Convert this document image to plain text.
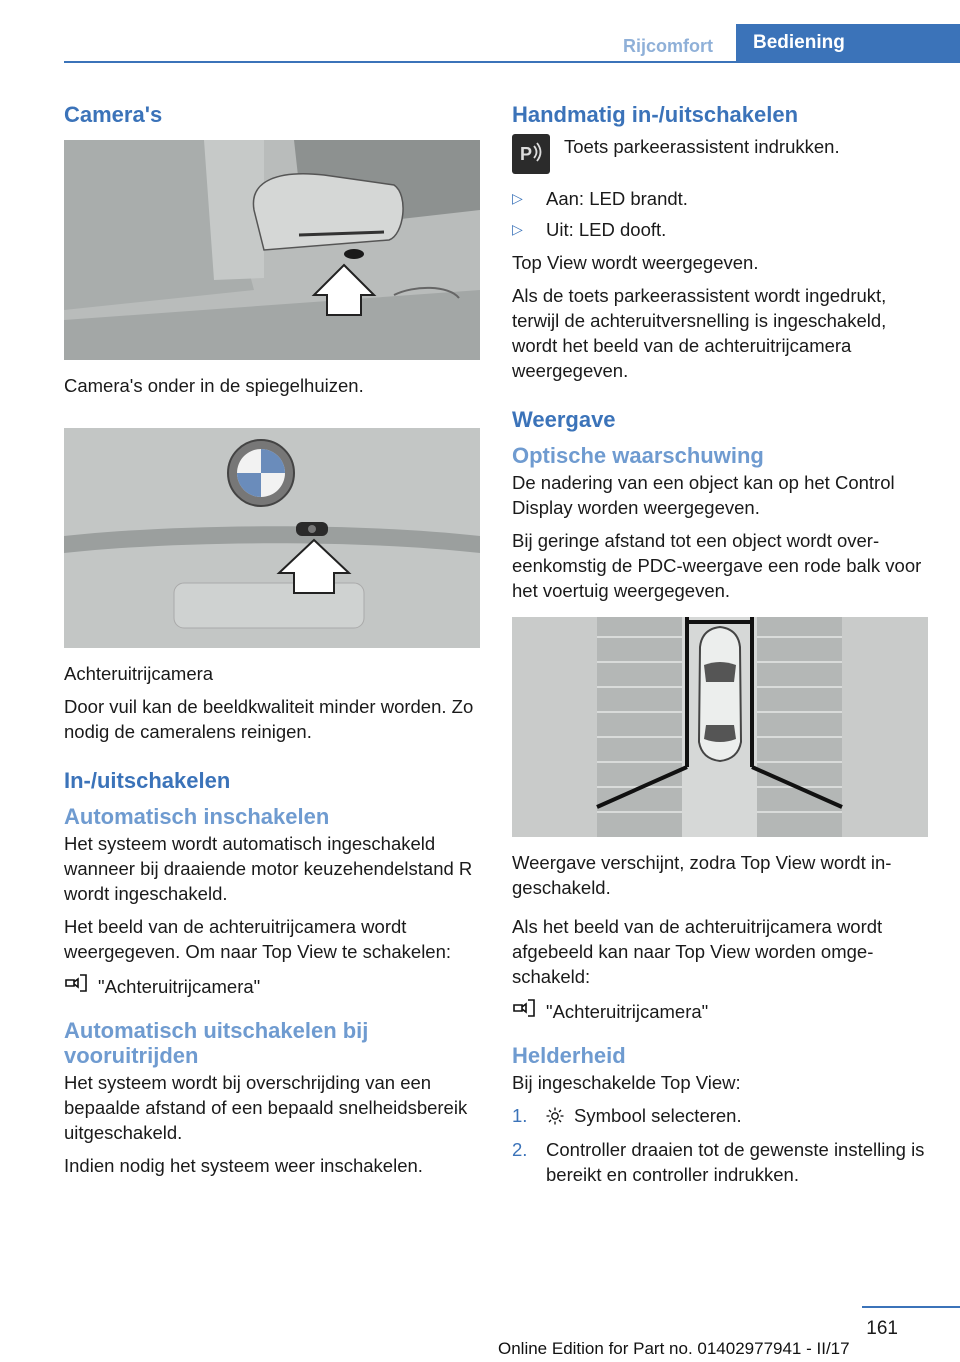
Rijcomfort	Bediening
Camera's

Camera's onder in de spiegelhuizen.

Achteruitrijcamera

Door vuil kan de beeldkwaliteit minder worden. Zo nodig de cameralens reinigen.

In-/uitschakelen
Automatisch inschakelen

Het systeem wordt automatisch ingeschakeld wanneer bij draaiende motor keuzehendelstand R wordt ingeschakeld.

Het beeld van de achteruitrijcamera wordt weergegeven. Om naar Top View te schakelen:

"Achteruitrijcamera"
Automatisch uitschakelen bij vooruitrijden

Het systeem wordt bij overschrijding van een bepaalde afstand of een bepaald snelheidsbereik uitgeschakeld.

Indien nodig het systeem weer inschakelen.

Handmatig in-/uitschakelen
P	Toets parkeerassistent indrukken.

▷ Aan: LED brandt.
▷ Uit: LED dooft.

Top View wordt weergegeven.

Als de toets parkeerassistent wordt ingedrukt, terwijl de achteruitversnelling is ingeschakeld, wordt het beeld van de achteruitrijcamera weergegeven.

Weergave
Optische waarschuwing

De nadering van een object kan op het Control Display worden weergegeven.

Bij geringe afstand tot een object wordt overeenkomstig de PDC-weergave een rode balk voor het voertuig weergegeven.

Weergave verschijnt, zodra Top View wordt ingeschakeld.

Als het beeld van de achteruitrijcamera wordt afgebeeld kan naar Top View worden omgeschakeld:

"Achteruitrijcamera"
Helderheid

Bij ingeschakelde Top View:

1.	Symbool selecteren.
2. Controller draaien tot de gewenste instelling is bereikt en controller indrukken.
161
Online Edition for Part no. 01402977941 - II/17
